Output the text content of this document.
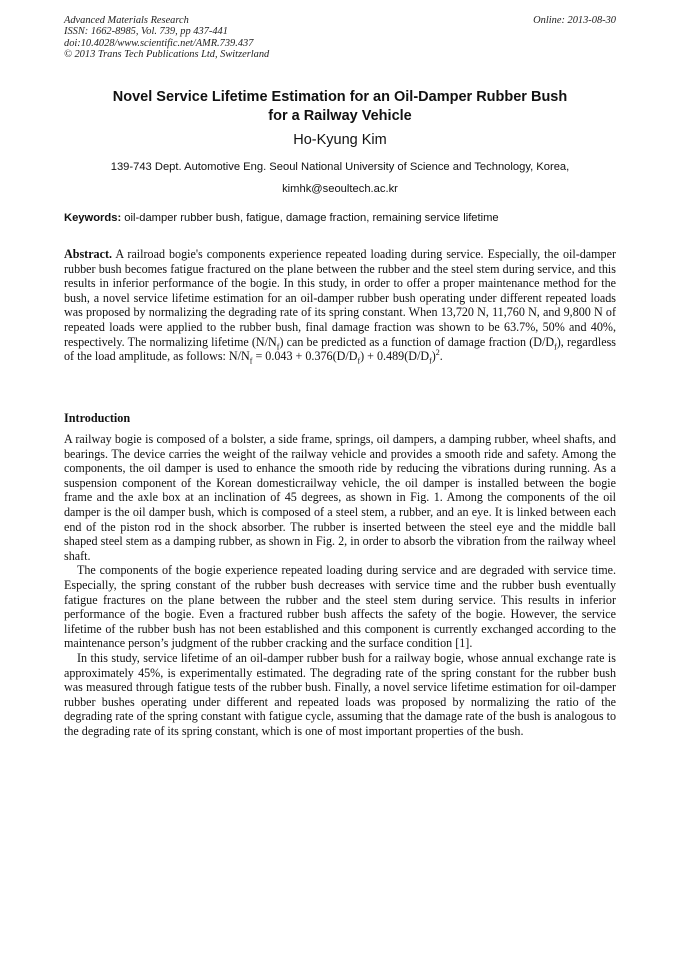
Advanced Materials Research
ISSN: 1662-8985, Vol. 739, pp 437-441
doi:10.4028/www.scientific.net/AMR.739.437
© 2013 Trans Tech Publications Ltd, Switzerland
Online: 2013-08-30
Novel Service Lifetime Estimation for an Oil-Damper Rubber Bush
for a Railway Vehicle
Ho-Kyung Kim
139-743 Dept. Automotive Eng. Seoul National University of Science and Technology, Korea,
kimhk@seoultech.ac.kr
Keywords: oil-damper rubber bush, fatigue, damage fraction, remaining service lifetime
Abstract. A railroad bogie's components experience repeated loading during service. Especially, the oil-damper rubber bush becomes fatigue fractured on the plane between the rubber and the steel stem during service, and this results in inferior performance of the bogie. In this study, in order to offer a proper maintenance method for the bush, a novel service lifetime estimation for an oil-damper rubber bush operating under different repeated loads was proposed by normalizing the degrading rate of its spring constant. When 13,720 N, 11,760 N, and 9,800 N of repeated loads were applied to the rubber bush, final damage fraction was shown to be 63.7%, 50% and 40%, respectively. The normalizing lifetime $(N/N_f)$ can be predicted as a function of damage fraction $(D/D_f)$, regardless of the load amplitude, as follows: $N/N_f = 0.043 + 0.376(D/D_f) + 0.489(D/D_f)^2$.
Introduction

A railway bogie is composed of a bolster, a side frame, springs, oil dampers, a damping rubber, wheel shafts, and bearings. The device carries the weight of the railway vehicle and provides a smooth ride and safety. Among the components, the oil damper is used to enhance the smooth ride by reducing the vibrations during running. As a suspension component of the Korean domesticrailway vehicle, the oil damper is installed between the bogie frame and the axle box at an inclination of 45 degrees, as shown in Fig. 1. Among the components of the oil damper is the oil damper bush, which is composed of a steel stem, a rubber, and an eye. It is linked between each end of the piston rod in the shock absorber. The rubber is inserted between the steel eye and the middle ball shaped steel stem as a damping rubber, as shown in Fig. 2, in order to absorb the vibration from the railway wheel shaft.

The components of the bogie experience repeated loading during service and are degraded with service time. Especially, the spring constant of the rubber bush decreases with service time and the rubber bush eventually fatigue fractures on the plane between the rubber and the steel stem during service. This results in inferior performance of the bogie. Even a fractured rubber bush affects the safety of the bogie. However, the service lifetime of the rubber bush has not been established and this component is currently exchanged according to the maintenance person’s judgment of the rubber cracking and the surface condition [1].

In this study, service lifetime of an oil-damper rubber bush for a railway bogie, whose annual exchange rate is approximately 45%, is experimentally estimated. The degrading rate of the spring constant for the rubber bush was measured through fatigue tests of the rubber bush. Finally, a novel service lifetime estimation for oil-damper rubber bushes operating under different and repeated loads was proposed by normalizing the ratio of the degrading rate of the spring constant with fatigue cycle, assuming that the damage rate of the bush is analogous to the degrading rate of its spring constant, which is one of most important properties of the bush.
